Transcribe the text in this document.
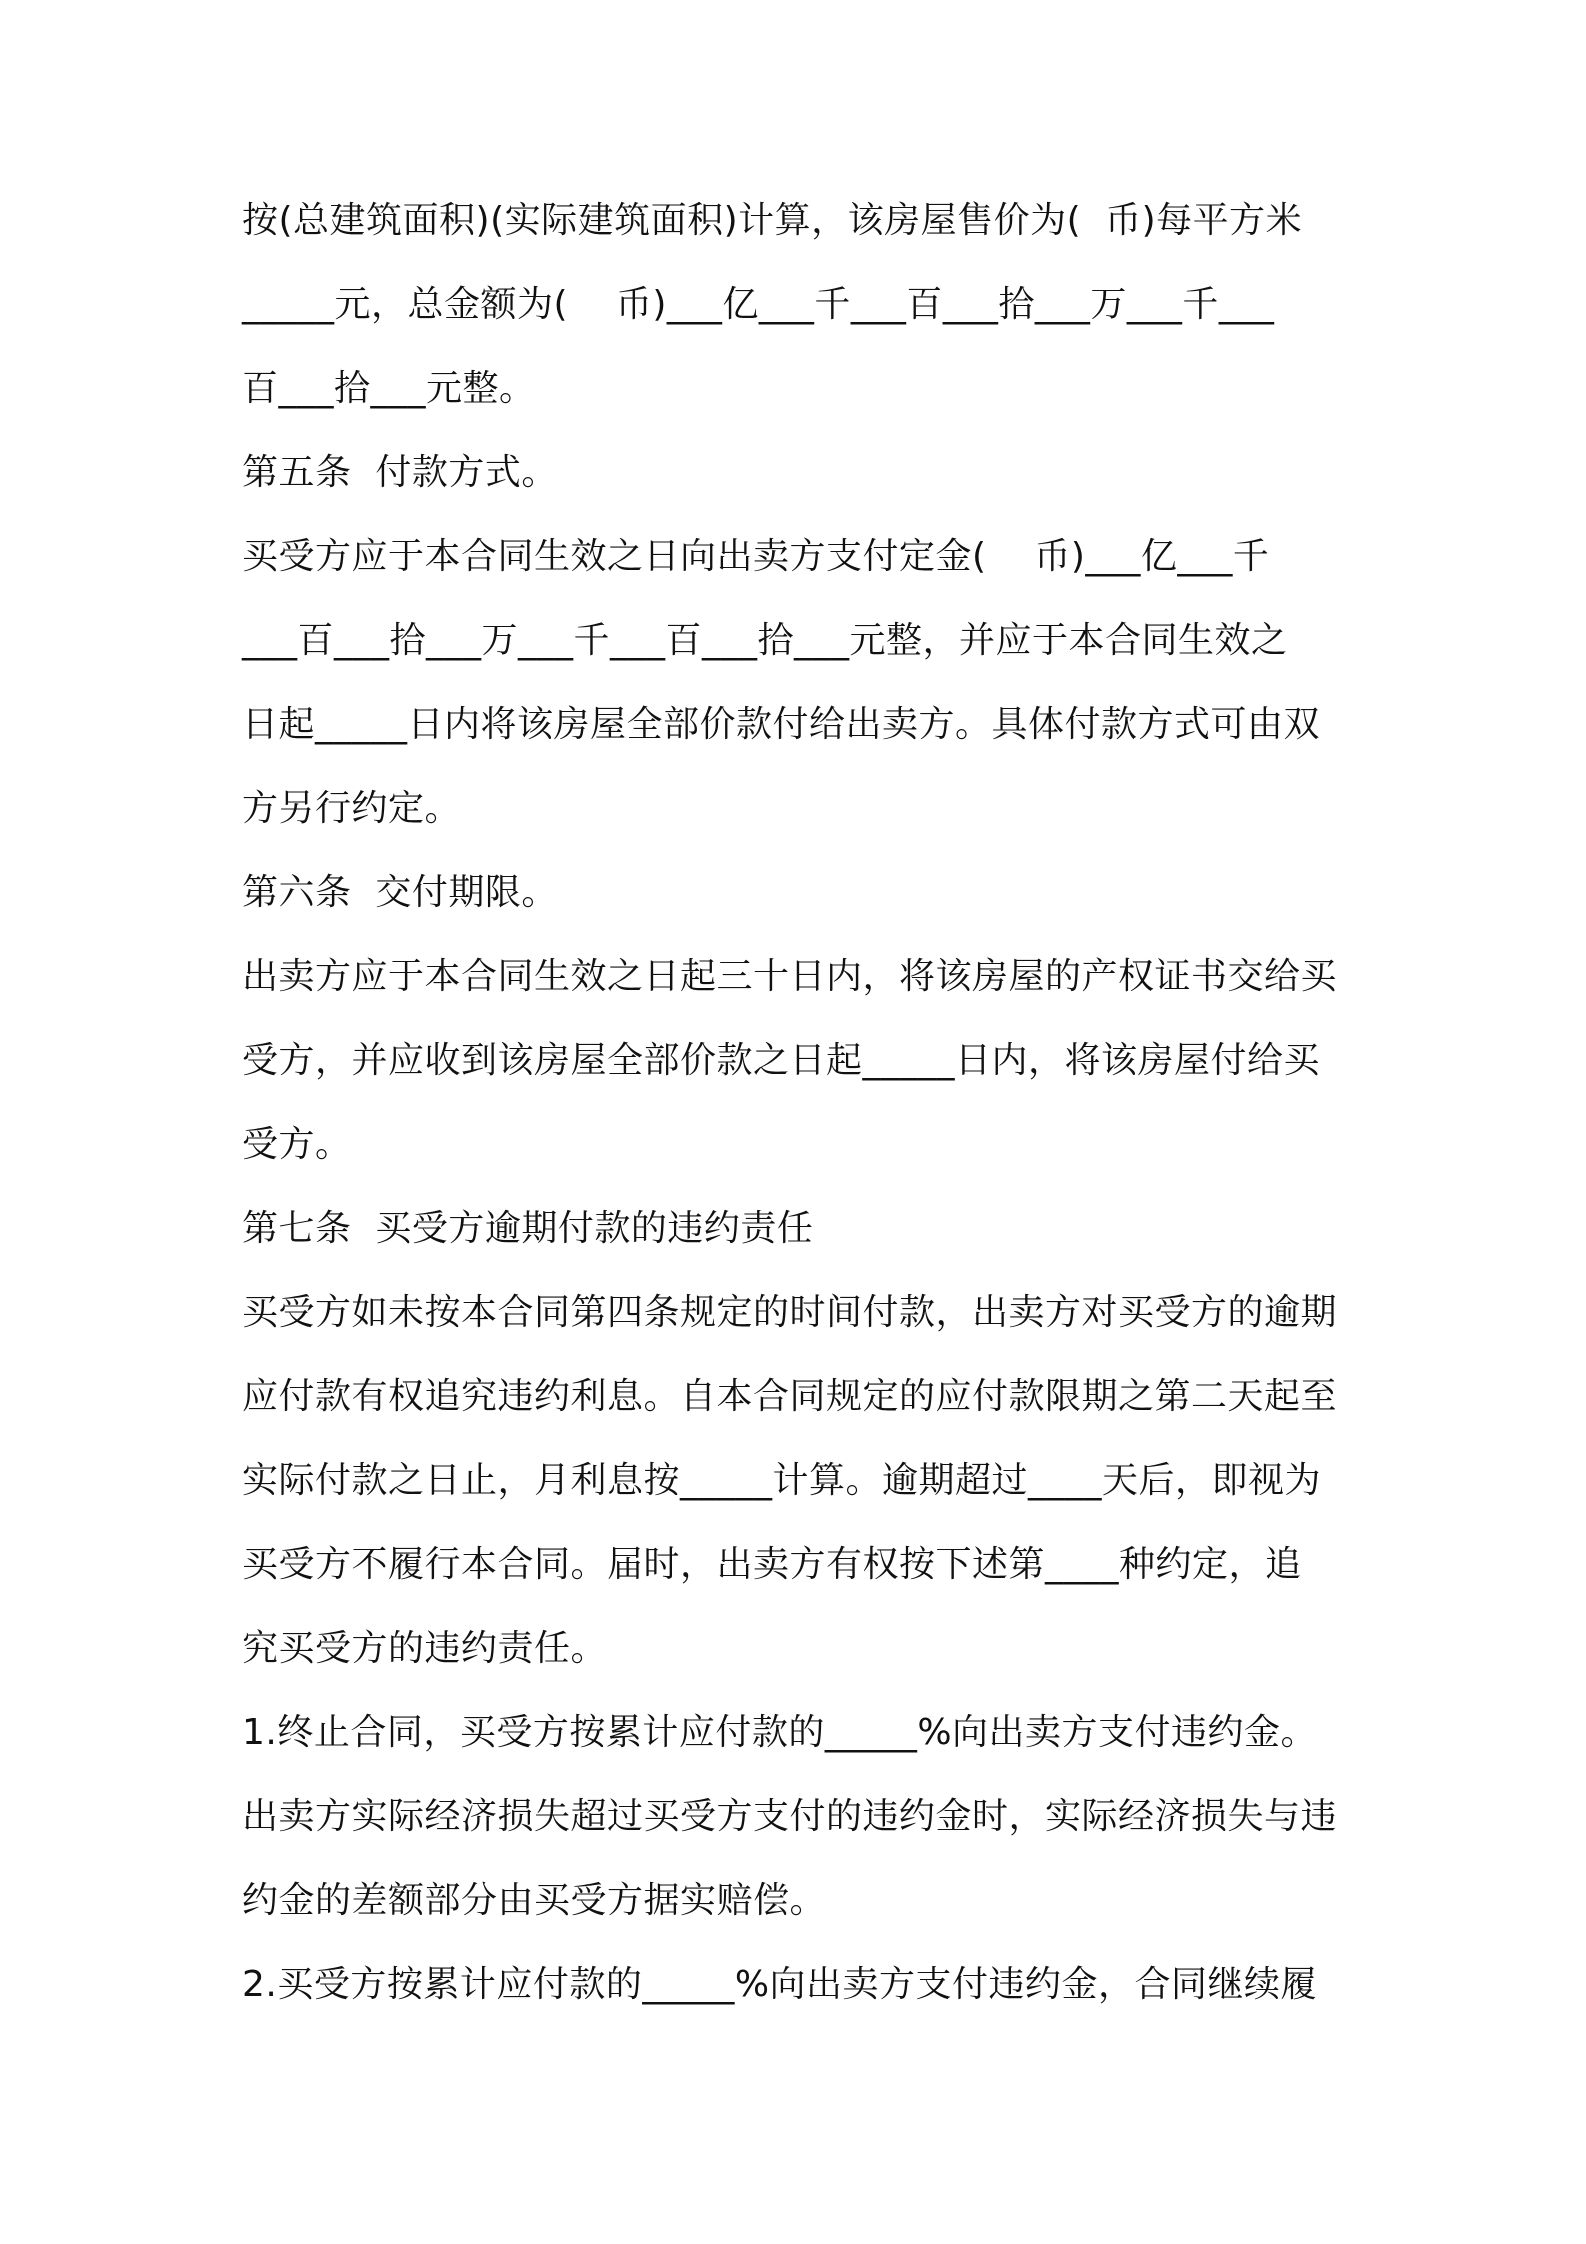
按(总建筑面积)(实际建筑面积)计算，该房屋售价为(  币)每平方米
_____元，总金额为(    币)___亿___千___百___拾___万___千___
百___拾___元整。
第五条  付款方式。
买受方应于本合同生效之日向出卖方支付定金(    币)___亿___千
___百___拾___万___千___百___拾___元整，并应于本合同生效之
日起_____日内将该房屋全部价款付给出卖方。具体付款方式可由双
方另行约定。
第六条  交付期限。
出卖方应于本合同生效之日起三十日内，将该房屋的产权证书交给买
受方，并应收到该房屋全部价款之日起_____日内，将该房屋付给买
受方。
第七条  买受方逾期付款的违约责任
买受方如未按本合同第四条规定的时间付款，出卖方对买受方的逾期
应付款有权追究违约利息。自本合同规定的应付款限期之第二天起至
实际付款之日止，月利息按_____计算。逾期超过____天后，即视为
买受方不履行本合同。届时，出卖方有权按下述第____种约定，追
究买受方的违约责任。
1.终止合同，买受方按累计应付款的_____%向出卖方支付违约金。
出卖方实际经济损失超过买受方支付的违约金时，实际经济损失与违
约金的差额部分由买受方据实赔偿。
2.买受方按累计应付款的_____%向出卖方支付违约金，合同继续履
